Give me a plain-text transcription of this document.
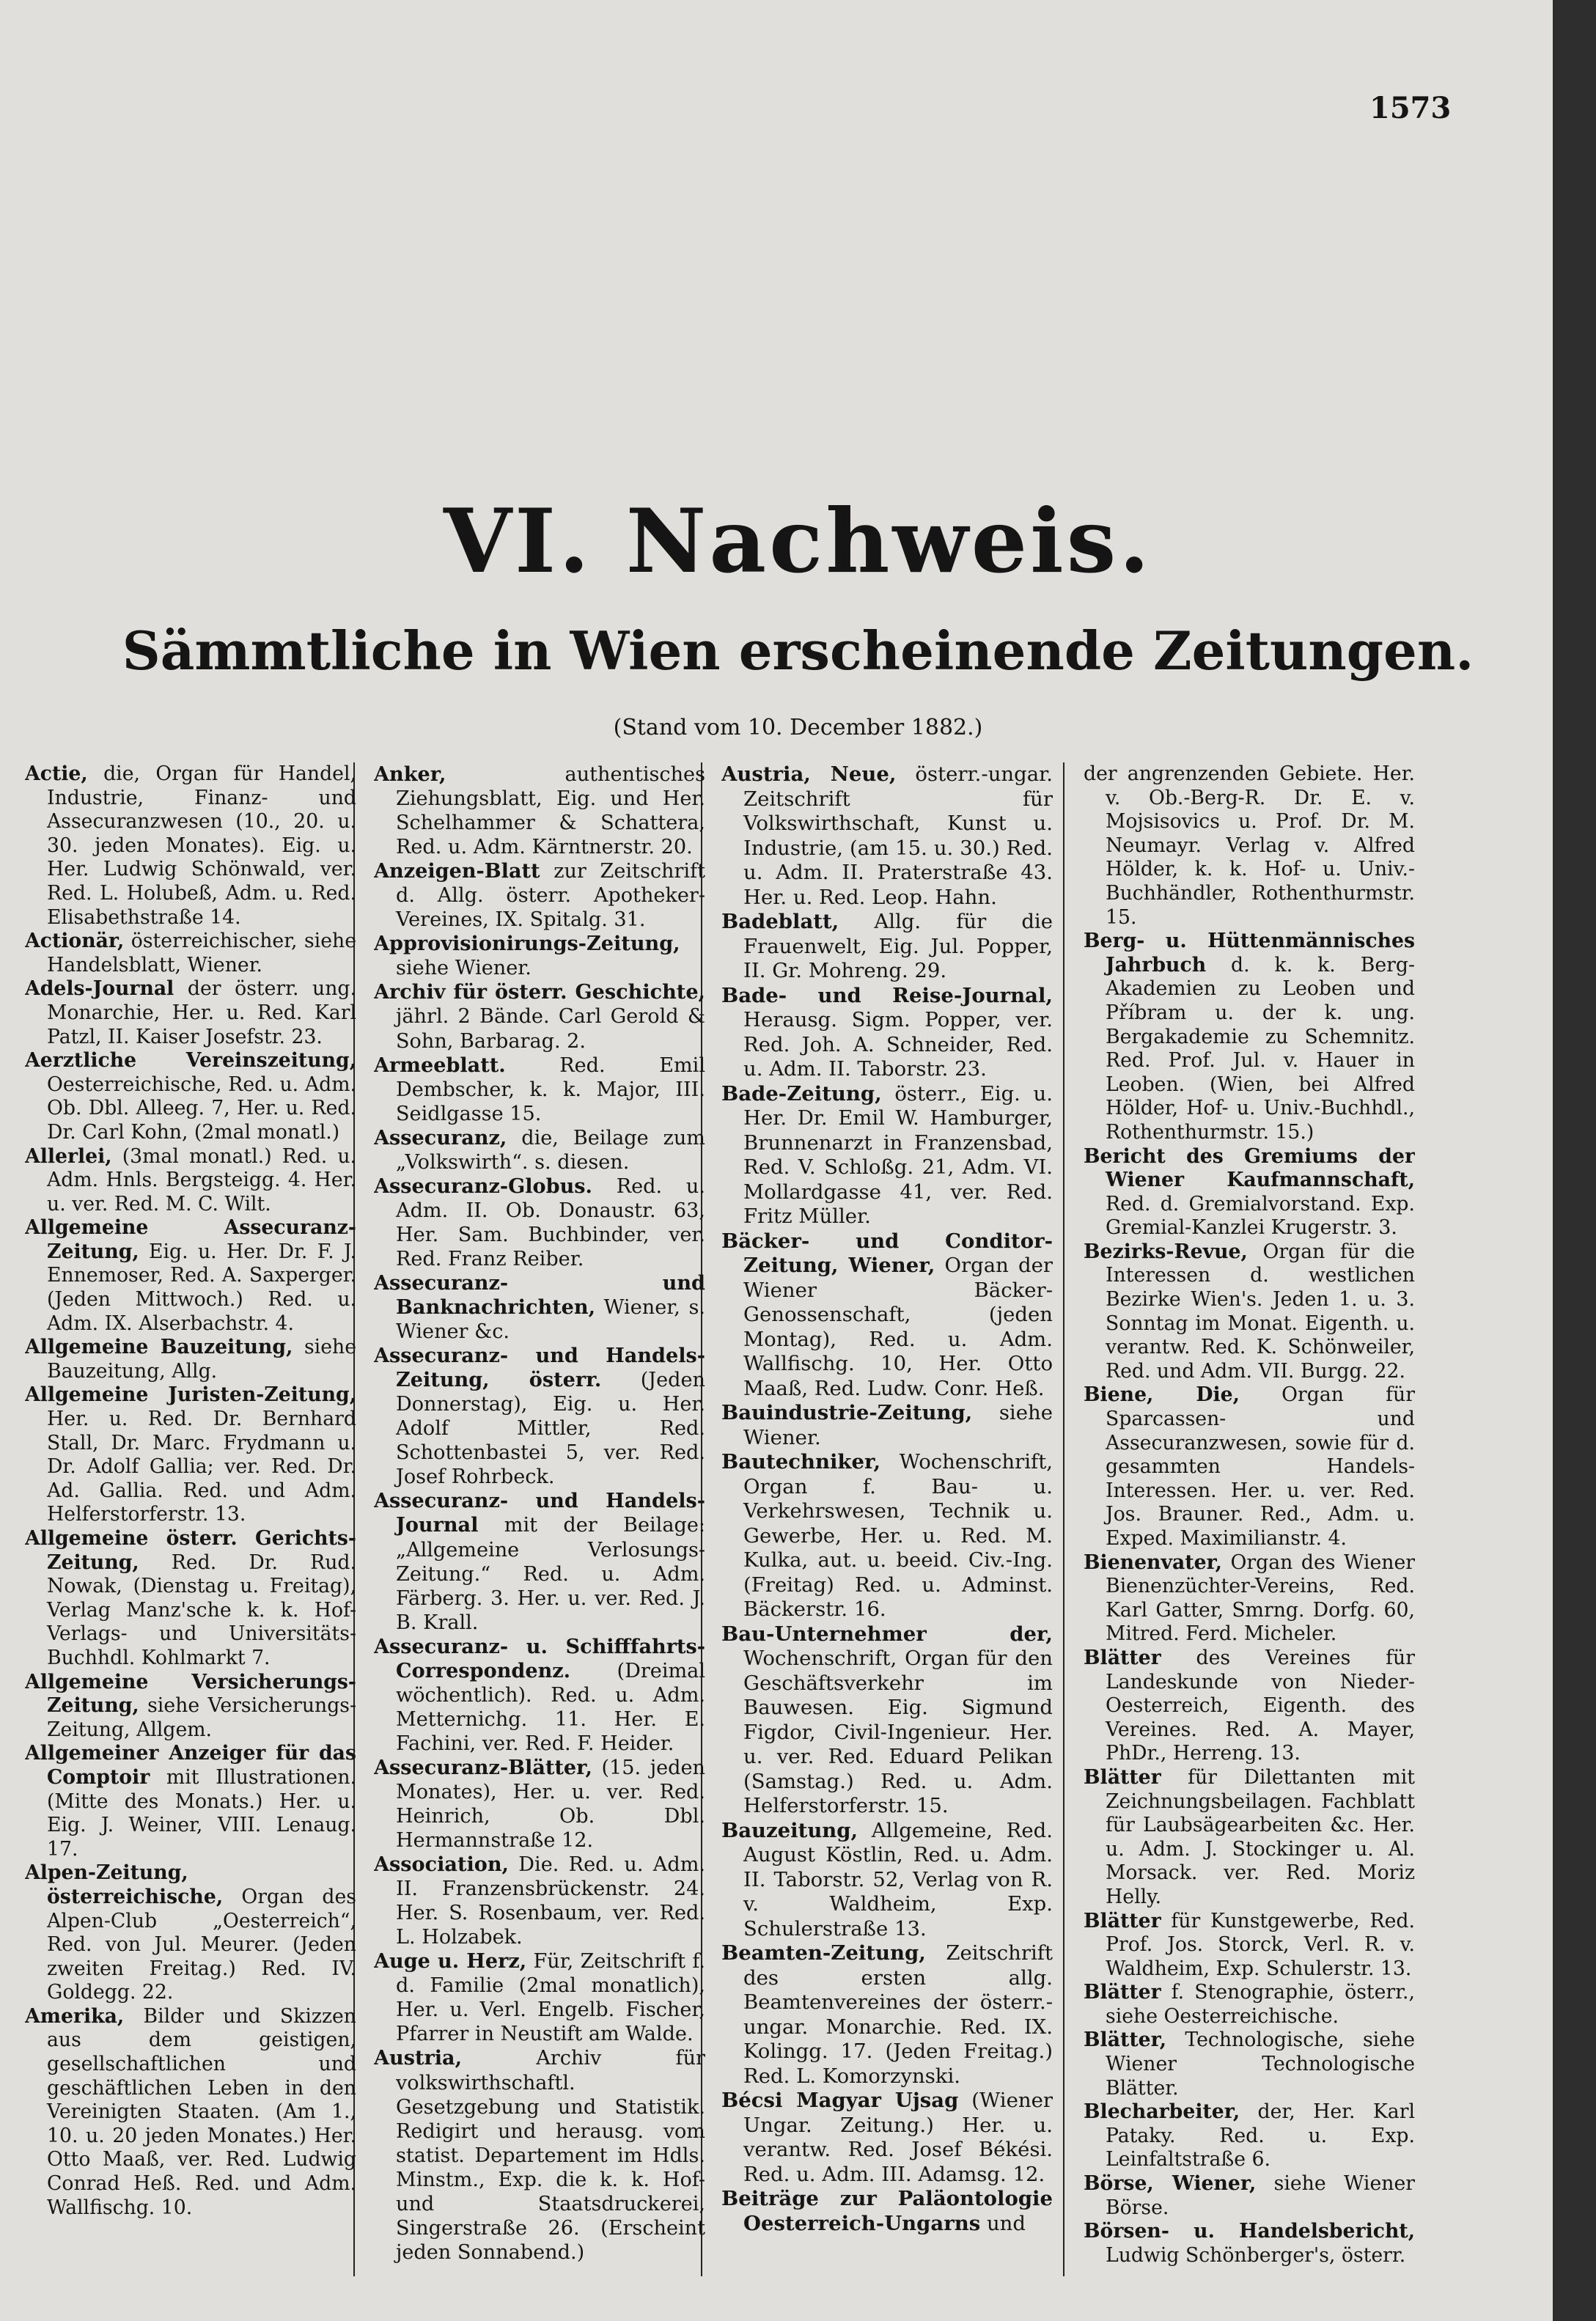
1573
VI. Nachweis.
Sämmtliche in Wien erscheinende Zeitungen.
(Stand vom 10. December 1882.)

Actie, die, Organ für Handel, Industrie, Finanz- und Assecuranzwesen (10., 20. u. 30. jeden Monates). Eig. u. Her. Ludwig Schönwald, ver. Red. L. Holubeß, Adm. u. Red. Elisabethstraße 14.

Actionär, österreichischer, siehe Handelsblatt, Wiener.

Adels-Journal der österr. ung. Monarchie, Her. u. Red. Karl Patzl, II. Kaiser Josefstr. 23.

Aerztliche Vereinszeitung, Oesterreichische, Red. u. Adm. Ob. Dbl. Alleeg. 7, Her. u. Red. Dr. Carl Kohn, (2mal monatl.)

Allerlei, (3mal monatl.) Red. u. Adm. Hnls. Bergsteigg. 4. Her. u. ver. Red. M. C. Wilt.

Allgemeine Assecuranz-Zeitung, Eig. u. Her. Dr. F. J. Ennemoser, Red. A. Saxperger. (Jeden Mittwoch.) Red. u. Adm. IX. Alserbachstr. 4.

Allgemeine Bauzeitung, siehe Bauzeitung, Allg.

Allgemeine Juristen-Zeitung, Her. u. Red. Dr. Bernhard Stall, Dr. Marc. Frydmann u. Dr. Adolf Gallia; ver. Red. Dr. Ad. Gallia. Red. und Adm. Helferstorferstr. 13.

Allgemeine österr. Gerichts-Zeitung, Red. Dr. Rud. Nowak, (Dienstag u. Freitag), Verlag Manz'sche k. k. Hof-Verlags- und Universitäts-Buchhdl. Kohlmarkt 7.

Allgemeine Versicherungs-Zeitung, siehe Versicherungs-Zeitung, Allgem.

Allgemeiner Anzeiger für das Comptoir mit Illustrationen. (Mitte des Monats.) Her. u. Eig. J. Weiner, VIII. Lenaug. 17.

Alpen-Zeitung, österreichische, Organ des Alpen-Club „Oesterreich“, Red. von Jul. Meurer. (Jeden zweiten Freitag.) Red. IV. Goldegg. 22.

Amerika, Bilder und Skizzen aus dem geistigen, gesellschaftlichen und geschäftlichen Leben in den Vereinigten Staaten. (Am 1., 10. u. 20 jeden Monates.) Her. Otto Maaß, ver. Red. Ludwig Conrad Heß. Red. und Adm. Wallfischg. 10.

Anker, authentisches Ziehungsblatt, Eig. und Her. Schelhammer & Schattera, Red. u. Adm. Kärntnerstr. 20.

Anzeigen-Blatt zur Zeitschrift d. Allg. österr. Apotheker-Vereines, IX. Spitalg. 31.

Approvisionirungs-Zeitung, siehe Wiener.

Archiv für österr. Geschichte, jährl. 2 Bände. Carl Gerold & Sohn, Barbarag. 2.

Armeeblatt. Red. Emil Dembscher, k. k. Major, III. Seidlgasse 15.

Assecuranz, die, Beilage zum „Volkswirth“. s. diesen.

Assecuranz-Globus. Red. u. Adm. II. Ob. Donaustr. 63, Her. Sam. Buchbinder, ver. Red. Franz Reiber.

Assecuranz- und Banknachrichten, Wiener, s. Wiener &c.

Assecuranz- und Handels-Zeitung, österr. (Jeden Donnerstag), Eig. u. Her. Adolf Mittler, Red. Schottenbastei 5, ver. Red. Josef Rohrbeck.

Assecuranz- und Handels-Journal mit der Beilage: „Allgemeine Verlosungs-Zeitung.“ Red. u. Adm. Färberg. 3. Her. u. ver. Red. J. B. Krall.

Assecuranz- u. Schifffahrts-Correspondenz. (Dreimal wöchentlich). Red. u. Adm. Metternichg. 11. Her. E. Fachini, ver. Red. F. Heider.

Assecuranz-Blätter, (15. jeden Monates), Her. u. ver. Red. Heinrich, Ob. Dbl. Hermannstraße 12.

Association, Die. Red. u. Adm. II. Franzensbrückenstr. 24. Her. S. Rosenbaum, ver. Red. L. Holzabek.

Auge u. Herz, Für, Zeitschrift f. d. Familie (2mal monatlich), Her. u. Verl. Engelb. Fischer, Pfarrer in Neustift am Walde.

Austria, Archiv für volkswirthschaftl. Gesetzgebung und Statistik. Redigirt und herausg. vom statist. Departement im Hdls. Minstm., Exp. die k. k. Hof- und Staatsdruckerei, Singerstraße 26. (Erscheint jeden Sonnabend.)

Austria, Neue, österr.-ungar. Zeitschrift für Volkswirthschaft, Kunst u. Industrie, (am 15. u. 30.) Red. u. Adm. II. Praterstraße 43. Her. u. Red. Leop. Hahn.

Badeblatt, Allg. für die Frauenwelt, Eig. Jul. Popper, II. Gr. Mohreng. 29.

Bade- und Reise-Journal, Herausg. Sigm. Popper, ver. Red. Joh. A. Schneider, Red. u. Adm. II. Taborstr. 23.

Bade-Zeitung, österr., Eig. u. Her. Dr. Emil W. Hamburger, Brunnenarzt in Franzensbad, Red. V. Schloßg. 21, Adm. VI. Mollardgasse 41, ver. Red. Fritz Müller.

Bäcker- und Conditor-Zeitung, Wiener, Organ der Wiener Bäcker-Genossenschaft, (jeden Montag), Red. u. Adm. Wallfischg. 10, Her. Otto Maaß, Red. Ludw. Conr. Heß.

Bauindustrie-Zeitung, siehe Wiener.

Bautechniker, Wochenschrift, Organ f. Bau- u. Verkehrswesen, Technik u. Gewerbe, Her. u. Red. M. Kulka, aut. u. beeid. Civ.-Ing. (Freitag) Red. u. Adminst. Bäckerstr. 16.

Bau-Unternehmer der, Wochenschrift, Organ für den Geschäftsverkehr im Bauwesen. Eig. Sigmund Figdor, Civil-Ingenieur. Her. u. ver. Red. Eduard Pelikan (Samstag.) Red. u. Adm. Helferstorferstr. 15.

Bauzeitung, Allgemeine, Red. August Köstlin, Red. u. Adm. II. Taborstr. 52, Verlag von R. v. Waldheim, Exp. Schulerstraße 13.

Beamten-Zeitung, Zeitschrift des ersten allg. Beamtenvereines der österr.-ungar. Monarchie. Red. IX. Kolingg. 17. (Jeden Freitag.) Red. L. Komorzynski.

Bécsi Magyar Ujsag (Wiener Ungar. Zeitung.) Her. u. verantw. Red. Josef Békési. Red. u. Adm. III. Adamsg. 12.

Beiträge zur Paläontologie Oesterreich-Ungarns und

der angrenzenden Gebiete. Her. v. Ob.-Berg-R. Dr. E. v. Mojsisovics u. Prof. Dr. M. Neumayr. Verlag v. Alfred Hölder, k. k. Hof- u. Univ.-Buchhändler, Rothenthurmstr. 15.

Berg- u. Hüttenmännisches Jahrbuch d. k. k. Berg-Akademien zu Leoben und Příbram u. der k. ung. Bergakademie zu Schemnitz. Red. Prof. Jul. v. Hauer in Leoben. (Wien, bei Alfred Hölder, Hof- u. Univ.-Buchhdl., Rothenthurmstr. 15.)

Bericht des Gremiums der Wiener Kaufmannschaft, Red. d. Gremialvorstand. Exp. Gremial-Kanzlei Krugerstr. 3.

Bezirks-Revue, Organ für die Interessen d. westlichen Bezirke Wien's. Jeden 1. u. 3. Sonntag im Monat. Eigenth. u. verantw. Red. K. Schönweiler, Red. und Adm. VII. Burgg. 22.

Biene, Die, Organ für Sparcassen- und Assecuranzwesen, sowie für d. gesammten Handels-Interessen. Her. u. ver. Red. Jos. Brauner. Red., Adm. u. Exped. Maximilianstr. 4.

Bienenvater, Organ des Wiener Bienenzüchter-Vereins, Red. Karl Gatter, Smrng. Dorfg. 60, Mitred. Ferd. Micheler.

Blätter des Vereines für Landeskunde von Nieder-Oesterreich, Eigenth. des Vereines. Red. A. Mayer, PhDr., Herreng. 13.

Blätter für Dilettanten mit Zeichnungsbeilagen. Fachblatt für Laubsägearbeiten &c. Her. u. Adm. J. Stockinger u. Al. Morsack. ver. Red. Moriz Helly.

Blätter für Kunstgewerbe, Red. Prof. Jos. Storck, Verl. R. v. Waldheim, Exp. Schulerstr. 13.

Blätter f. Stenographie, österr., siehe Oesterreichische.

Blätter, Technologische, siehe Wiener Technologische Blätter.

Blecharbeiter, der, Her. Karl Pataky. Red. u. Exp. Leinfaltstraße 6.

Börse, Wiener, siehe Wiener Börse.

Börsen- u. Handelsbericht, Ludwig Schönberger's, österr.
